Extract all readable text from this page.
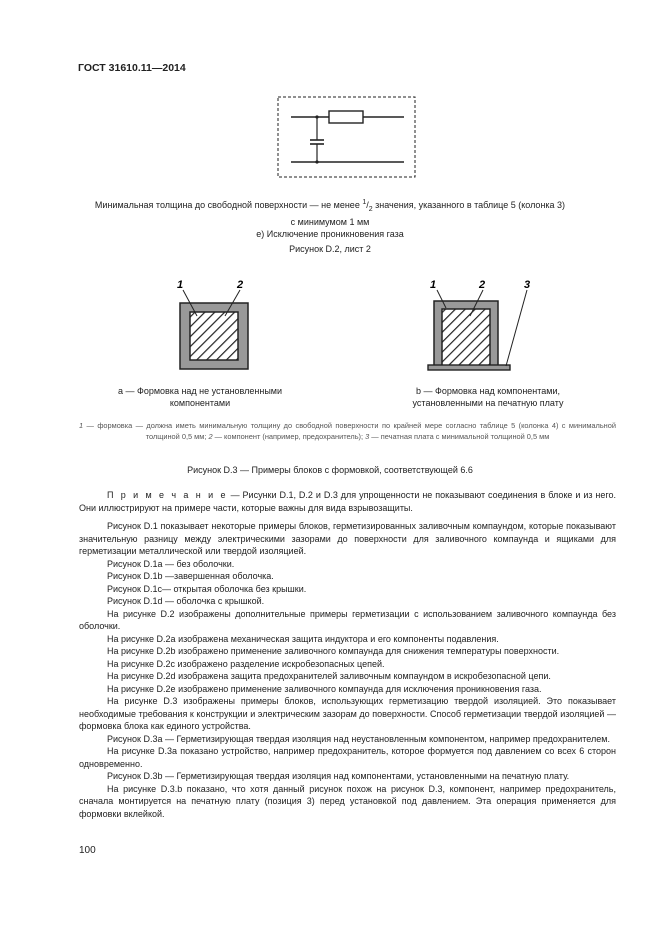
ГОСТ 31610.11—2014
Минимальная толщина до свободной поверхности — не менее $^1/_2$ значения, указанного в таблице 5 (колонка 3)
с минимумом 1 мм
е) Исключение проникновения газа
Рисунок D.2, лист 2
1	2	1	2	3
а — Формовка над не установленными
компонентами
b — Формовка над компонентами,
установленными на печатную плату
1 — формовка — должна иметь минимальную толщину до свободной поверхности по крайней мере согласно таблице 5 (колонка 4) с минимальной толщиной 0,5 мм; 2 — компонент (например, предохранитель); 3 — печатная плата с минимальной толщиной 0,5 мм
Рисунок D.3 — Примеры блоков с формовкой, соответствующей 6.6

П р и м е ч а н и е — Рисунки D.1, D.2 и D.3 для упрощенности не показывают соединения в блоке и из него. Они иллюстрируют на примере части, которые важны для вида взрывозащиты.

Рисунок D.1 показывает некоторые примеры блоков, герметизированных заливочным компаундом, которые показывают значительную разницу между электрическими зазорами до поверхности для заливочного компаунда и ящиками для герметизации металлической или твердой изоляцией.

Рисунок D.1a — без оболочки.

Рисунок D.1b —завершенная оболочка.

Рисунок D.1c— открытая оболочка без крышки.

Рисунок D.1d — оболочка с крышкой.

На рисунке D.2 изображены дополнительные примеры герметизации с использованием заливочного компаунда без оболочки.

На рисунке D.2a изображена механическая защита индуктора и его компоненты подавления.

На рисунке D.2b изображено применение заливочного компаунда для снижения температуры поверхности.

На рисунке D.2c изображено разделение искробезопасных цепей.

На рисунке D.2d изображена защита предохранителей заливочным компаундом в искробезопасной цепи.

На рисунке D.2e изображено применение заливочного компаунда для исключения проникновения газа.

На рисунке D.3 изображены примеры блоков, использующих герметизацию твердой изоляцией. Это показывает необходимые требования к конструкции и электрическим зазорам до поверхности. Способ герметизации твердой изоляцией — формовка блока как единого устройства.

Рисунок D.3a — Герметизирующая твердая изоляция над неустановленным компонентом, например предохранителем.

На рисунке D.3a показано устройство, например предохранитель, которое формуется под давлением со всех 6 сторон одновременно.

Рисунок D.3b — Герметизирующая твердая изоляция над компонентами, установленными на печатную плату.

На рисунке D.3.b показано, что хотя данный рисунок похож на рисунок D.3, компонент, например предохранитель, сначала монтируется на печатную плату (позиция 3) перед установкой под давлением. Эта операция применяется для формовки вклейкой.

100
